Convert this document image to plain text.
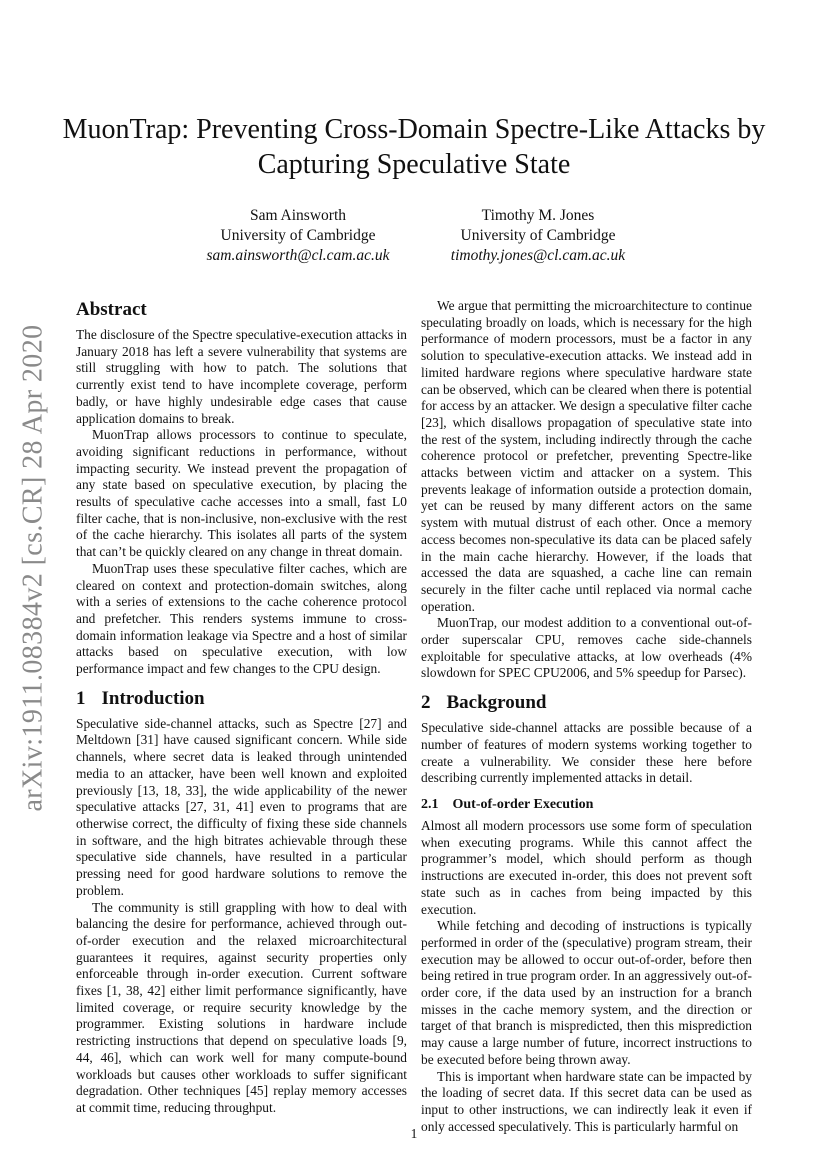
arXiv:1911.08384v2 [cs.CR] 28 Apr 2020
MuonTrap: Preventing Cross-Domain Spectre-Like Attacks by Capturing Speculative State
Sam Ainsworth
University of Cambridge
sam.ainsworth@cl.cam.ac.uk
Timothy M. Jones
University of Cambridge
timothy.jones@cl.cam.ac.uk
Abstract

The disclosure of the Spectre speculative-execution attacks in January 2018 has left a severe vulnerability that systems are still struggling with how to patch. The solutions that currently exist tend to have incomplete coverage, perform badly, or have highly undesirable edge cases that cause application domains to break.

MuonTrap allows processors to continue to speculate, avoiding significant reductions in performance, without impacting security. We instead prevent the propagation of any state based on speculative execution, by placing the results of speculative cache accesses into a small, fast L0 filter cache, that is non-inclusive, non-exclusive with the rest of the cache hierarchy. This isolates all parts of the system that can’t be quickly cleared on any change in threat domain.

MuonTrap uses these speculative filter caches, which are cleared on context and protection-domain switches, along with a series of extensions to the cache coherence protocol and prefetcher. This renders systems immune to cross-domain information leakage via Spectre and a host of similar attacks based on speculative execution, with low performance impact and few changes to the CPU design.

1 Introduction

Speculative side-channel attacks, such as Spectre [27] and Meltdown [31] have caused significant concern. While side channels, where secret data is leaked through unintended media to an attacker, have been well known and exploited previously [13, 18, 33], the wide applicability of the newer speculative attacks [27, 31, 41] even to programs that are otherwise correct, the difficulty of fixing these side channels in software, and the high bitrates achievable through these speculative side channels, have resulted in a particular pressing need for good hardware solutions to remove the problem.

The community is still grappling with how to deal with balancing the desire for performance, achieved through out-of-order execution and the relaxed microarchitectural guarantees it requires, against security properties only enforceable through in-order execution. Current software fixes [1, 38, 42] either limit performance significantly, have limited coverage, or require security knowledge by the programmer. Existing solutions in hardware include restricting instructions that depend on speculative loads [9, 44, 46], which can work well for many compute-bound workloads but causes other workloads to suffer significant degradation. Other techniques [45] replay memory accesses at commit time, reducing throughput.

We argue that permitting the microarchitecture to continue speculating broadly on loads, which is necessary for the high performance of modern processors, must be a factor in any solution to speculative-execution attacks. We instead add in limited hardware regions where speculative hardware state can be observed, which can be cleared when there is potential for access by an attacker. We design a speculative filter cache [23], which disallows propagation of speculative state into the rest of the system, including indirectly through the cache coherence protocol or prefetcher, preventing Spectre-like attacks between victim and attacker on a system. This prevents leakage of information outside a protection domain, yet can be reused by many different actors on the same system with mutual distrust of each other. Once a memory access becomes non-speculative its data can be placed safely in the main cache hierarchy. However, if the loads that accessed the data are squashed, a cache line can remain securely in the filter cache until replaced via normal cache operation.

MuonTrap, our modest addition to a conventional out-of-order superscalar CPU, removes cache side-channels exploitable for speculative attacks, at low overheads (4% slowdown for SPEC CPU2006, and 5% speedup for Parsec).

2 Background

Speculative side-channel attacks are possible because of a number of features of modern systems working together to create a vulnerability. We consider these here before describing currently implemented attacks in detail.

2.1 Out-of-order Execution

Almost all modern processors use some form of speculation when executing programs. While this cannot affect the programmer’s model, which should perform as though instructions are executed in-order, this does not prevent soft state such as in caches from being impacted by this execution.

While fetching and decoding of instructions is typically performed in order of the (speculative) program stream, their execution may be allowed to occur out-of-order, before then being retired in true program order. In an aggressively out-of-order core, if the data used by an instruction for a branch misses in the cache memory system, and the direction or target of that branch is mispredicted, then this misprediction may cause a large number of future, incorrect instructions to be executed before being thrown away.

This is important when hardware state can be impacted by the loading of secret data. If this secret data can be used as input to other instructions, we can indirectly leak it even if only accessed speculatively. This is particularly harmful on

1
